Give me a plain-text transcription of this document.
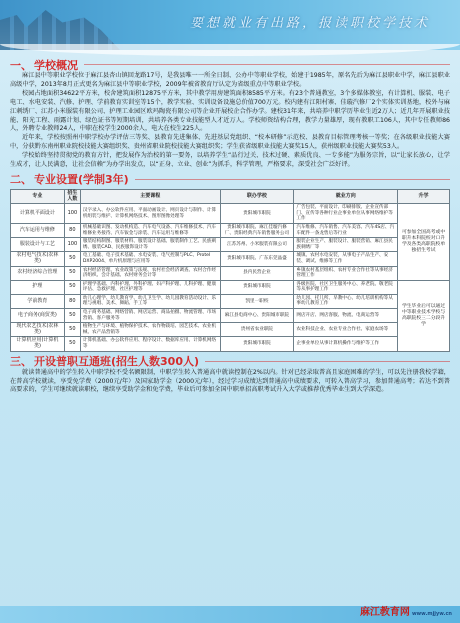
要想就业有出路，报读职校学技术
一、 学校概况

麻江县中等职业学校位于麻江县杏山镇回龙路17号，是我县唯一一所全日制、公办中等职业学校，始建于1985年，原名先后为麻江县职业中学，麻江县职业高级中学，2013年8月正式更名为麻江县中等职业学校，2009年被省教育厅认定为省级重点中等职业学校。

校园占地面积34622平方米，校舍建筑面积12875平方米，其中教学用房建筑面积8585平方米。有23个普通教室，3个多媒体教室，有计算机、服装、电子电工、水电安装、汽修、护理、学前教育实训室等15个，教学实验、实训设备设施总价值700万元。校内建有江阳村寨、佳璇汽修厂2个实体实训基地，校外与麻江刺绣厂、江苏小米服装有限公司、护理工业园区欧玛陶瓷有限公司等企业开展校企合作办学。建校31年来，共培养中职学历毕业生近2万人；近几年开展职业技能、阳光工程、雨露计划、绿色证书等短期培训，共培养各类专业技能型人才近万人。学校师资结构合理，教学力量雄厚，现有教职工106人，其中专任教师86人，外聘专业教师24人，中职在校学生2000余人，电大在校生225人。

近年来，学校按照州中职学校办学评估三等奖、县教育先进集体、先进基层党组织、“校本研修”示范校、县教育目标管理考核一等奖；在各级职业技能大赛中，分获黔东南州职业院校技能大赛组织奖、贵州省职业院校技能大赛组织奖；学生获省级职业技能大赛奖15人，获州级职业技能大赛奖53人。

学校始终坚持贯彻党的教育方针，把发展作为治校的第一要务，以培养学生“品行过关、技术过硬、素质优良、一专多能”为服务宗旨，以“让家长放心，让学生成才，让人民满意，让社会信赖”为办学出发点，以“正身、立业、创业”为抓手，科学管理，严格要求，深受社会广泛好评。

二、 专业设置(学制3年)
专业	招生人数	主要课程	联办学校	就业方向	升学
计算机平面设计	100	汉字录入、办公软件应用、平面动画设计、网页设计与制作、计算机组装与维护、计算机网络技术、图形图像处理等	贵阳城市职院	广告包装、平面设计、印刷排版、企业宣传部门、宣传等各种行业企事业单位从事网络维护等工作	可参加全国高考或中职升本科院校对口升学及各类高职院校单独招生考试
汽车运用与维修	80	机械基础识图、发动机构造、汽车电气设备、汽车维修技术、汽车维修业务接待、汽车钣金与涂装、汽车运用与维修等	贵阳城市职院、麻江佳璇汽修厂、贵阳经典汽车销售服务公司	汽车维修、汽车销售、汽车美容、汽车4S店、汽车配件一条龙售后等行业	
服装设计与工艺	100	服装结构制图、服装材料、服装设计基础、服装制作工艺、民族刺绣、服装CAD、民族服饰设计等	江苏苏州、小米服装有限公司	服装企业生产、服装设计、服装营销、麻江县民族刺绣厂等	
农村电气技术(农林类)	50	电工基础、电子技术基础、水电安装、电气控制与PLC、Protel DXP2004、单片机原理与应用等	贵阳城市职院、广东东莞晶盛	城镇、农村水电安装，从事电子产品生产、安装、调试、维修等工作	
农村经济综合管理	50	农村经济管理、农业政策与法规、农村社会经济调查、农村合作经济组织、会计基础、农村财务会计等	县内民营企业	乡镇农村基层组织、农村专业合作社等从事经济管理工作	
护理	50	护理学基础、内科护理、外科护理、妇产科护理、儿科护理、健康评估、急救护理、社区护理等	贵阳城市职院	各级医院、社区卫生服务中心、养老院、敬老院等从事护理工作	学生毕业后可以通过中等职业技术学校与高职院校三二分段升学
学前教育	80	幼儿心理学、幼儿教育学、幼儿卫生学、幼儿园教育活动设计、乐理与视唱、美术、舞蹈、手工等	凯里一职校	幼儿园、托儿所、早教中心、幼儿培训机构等从事幼儿教育工作	
电子商务(商贸类)	50	电子商务基础、网络营销、网店运营、商品拍摄、物流管理、市场营销、客户服务等	麻江县电商中心、贵阳城市职院	网店开店、网店客服、物流、电商运营等	
现代农艺技术(农林类)	50	植物生产与环境、植物保护技术、农作物栽培、园艺技术、农业机械、农产品营销等	贵州省农业职院	农业科技企业、农业专业合作社、家庭农场等	
计算机应用(计算机类)	50	计算机基础、办公软件应用、程序设计、数据库应用、计算机网络等	贵阳城市职院	企事业单位从事计算机操作与维护等工作	
三、 开设普职互通班(招生人数300人)

就读普通高中的学生转入中职学校不受名额限制，中职学生转入普通高中就读控制在2%以内。针对已经录取普高且家庭困难的学生，可以先注册我校学籍，在普高学校就读，享受免学费（2000元/年）及国家助学金（2000元/年），经过学习成绩达到普通高中成绩要求，可转入普高学习，参加普通高考；若达不到普高要求的，学生可继续就读职校，继续享受助学金和免学费，毕业后可参加全国中职单招高职考试升入大学或推荐优秀毕业生到大学深造。

麻江教育网 www.mjjyw.cn
